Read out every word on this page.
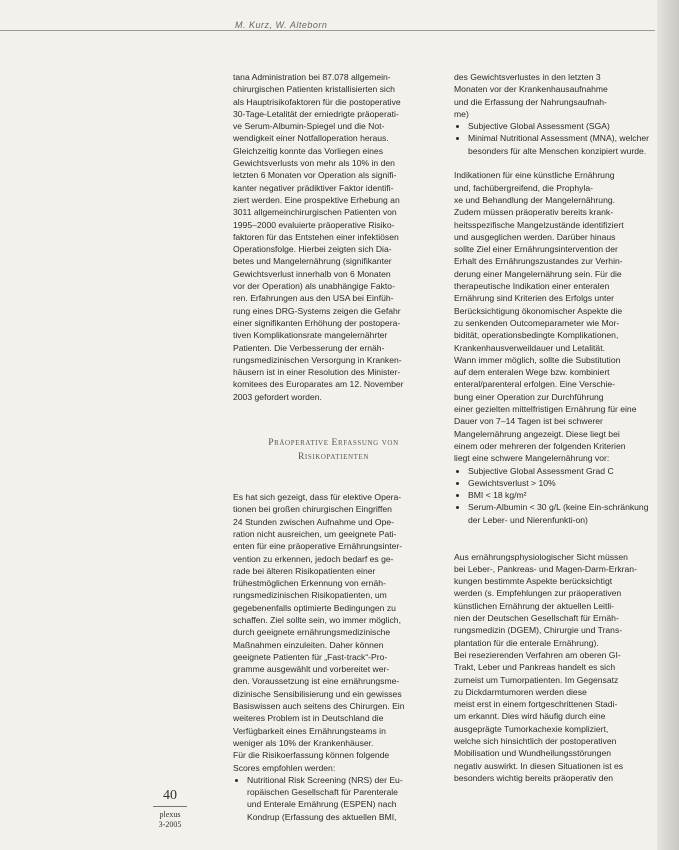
M. Kurz, W. Alteborn

tana Administration bei 87.078 allgemein-

chirurgischen Patienten kristallisierten sich

als Hauptrisikofaktoren für die postoperative

30-Tage-Letalität der erniedrigte präoperati-

ve Serum-Albumin-Spiegel und die Not-

wendigkeit einer Notfalloperation heraus.

Gleichzeitig konnte das Vorliegen eines

Gewichtsverlusts von mehr als 10% in den

letzten 6 Monaten vor Operation als signifi-

kanter negativer prädiktiver Faktor identifi-

ziert werden. Eine prospektive Erhebung an

3011 allgemeinchirurgischen Patienten von

1995–2000 evaluierte präoperative Risiko-

faktoren für das Entstehen einer infektiösen

Operationsfolge. Hierbei zeigten sich Dia-

betes und Mangelernährung (signifikanter

Gewichtsverlust innerhalb von 6 Monaten

vor der Operation) als unabhängige Fakto-

ren. Erfahrungen aus den USA bei Einfüh-

rung eines DRG-Systems zeigen die Gefahr

einer signifikanten Erhöhung der postopera-

tiven Komplikationsrate mangelernährter

Patienten. Die Verbesserung der ernäh-

rungsmedizinischen Versorgung in Kranken-

häusern ist in einer Resolution des Minister-

komitees des Europarates am 12. November

2003 gefordert worden.

Präoperative Erfassung von

Risikopatienten

Es hat sich gezeigt, dass für elektive Opera-

tionen bei großen chirurgischen Eingriffen

24 Stunden zwischen Aufnahme und Ope-

ration nicht ausreichen, um geeignete Pati-

enten für eine präoperative Ernährungsinter-

vention zu erkennen, jedoch bedarf es ge-

rade bei älteren Risikopatienten einer

frühestmöglichen Erkennung von ernäh-

rungsmedizinischen Risikopatienten, um

gegebenenfalls optimierte Bedingungen zu

schaffen. Ziel sollte sein, wo immer möglich,

durch geeignete ernährungsmedizinische

Maßnahmen einzuleiten. Daher können

geeignete Patienten für „Fast-track“-Pro-

gramme ausgewählt und vorbereitet wer-

den. Voraussetzung ist eine ernährungsme-

dizinische Sensibilisierung und ein gewisses

Basiswissen auch seitens des Chirurgen. Ein

weiteres Problem ist in Deutschland die

Verfügbarkeit eines Ernährungsteams in

weniger als 10% der Krankenhäuser.

Für die Risikoerfassung können folgende

Scores empfohlen werden:

• Nutritional Risk Screening (NRS) der Eu-

ropäischen Gesellschaft für Parenterale

und Enterale Ernährung (ESPEN) nach

Kondrup (Erfassung des aktuellen BMI,

des Gewichtsverlustes in den letzten 3

Monaten vor der Krankenhausaufnahme

und die Erfassung der Nahrungsaufnah-

me)

• Subjective Global Assessment (SGA)
• Minimal Nutritional Assessment (MNA), welcher besonders für alte Menschen konzipiert wurde.

Indikationen für eine künstliche Ernährung

und, fachübergreifend, die Prophyla-

xe und Behandlung der Mangelernährung.

Zudem müssen präoperativ bereits krank-

heitsspezifische Mangelzustände identifiziert

und ausgeglichen werden. Darüber hinaus

sollte Ziel einer Ernährungsintervention der

Erhalt des Ernährungszustandes zur Verhin-

derung einer Mangelernährung sein. Für die

therapeutische Indikation einer enteralen

Ernährung sind Kriterien des Erfolgs unter

Berücksichtigung ökonomischer Aspekte die

zu senkenden Outcomeparameter wie Mor-

bidität, operationsbedingte Komplikationen,

Krankenhausverweildauer und Letalität.

Wann immer möglich, sollte die Substitution

auf dem enteralen Wege bzw. kombiniert

enteral/parenteral erfolgen. Eine Verschie-

bung einer Operation zur Durchführung

einer gezielten mittelfristigen Ernährung für eine

Dauer von 7–14 Tagen ist bei schwerer

Mangelernährung angezeigt. Diese liegt bei

einem oder mehreren der folgenden Kriterien

liegt eine schwere Mangelernährung vor:

• Subjective Global Assessment Grad C
• Gewichtsverlust > 10%
• BMI < 18 kg/m²
• Serum-Albumin < 30 g/L (keine Ein-schränkung der Leber- und Nierenfunkti-on)

Aus ernährungsphysiologischer Sicht müssen

bei Leber-, Pankreas- und Magen-Darm-Erkran-

kungen bestimmte Aspekte berücksichtigt

werden (s. Empfehlungen zur präoperativen

künstlichen Ernährung der aktuellen Leitli-

nien der Deutschen Gesellschaft für Ernäh-

rungsmedizin (DGEM), Chirurgie und Trans-

plantation für die enterale Ernährung).

Bei resezierenden Verfahren am oberen GI-

Trakt, Leber und Pankreas handelt es sich

zumeist um Tumorpatienten. Im Gegensatz

zu Dickdarmtumoren werden diese

meist erst in einem fortgeschrittenen Stadi-

um erkannt. Dies wird häufig durch eine

ausgeprägte Tumorkachexie kompliziert,

welche sich hinsichtlich der postoperativen

Mobilisation und Wundheilungsstörungen

negativ auswirkt. In diesen Situationen ist es

besonders wichtig bereits präoperativ den

40
plexus
3-2005
